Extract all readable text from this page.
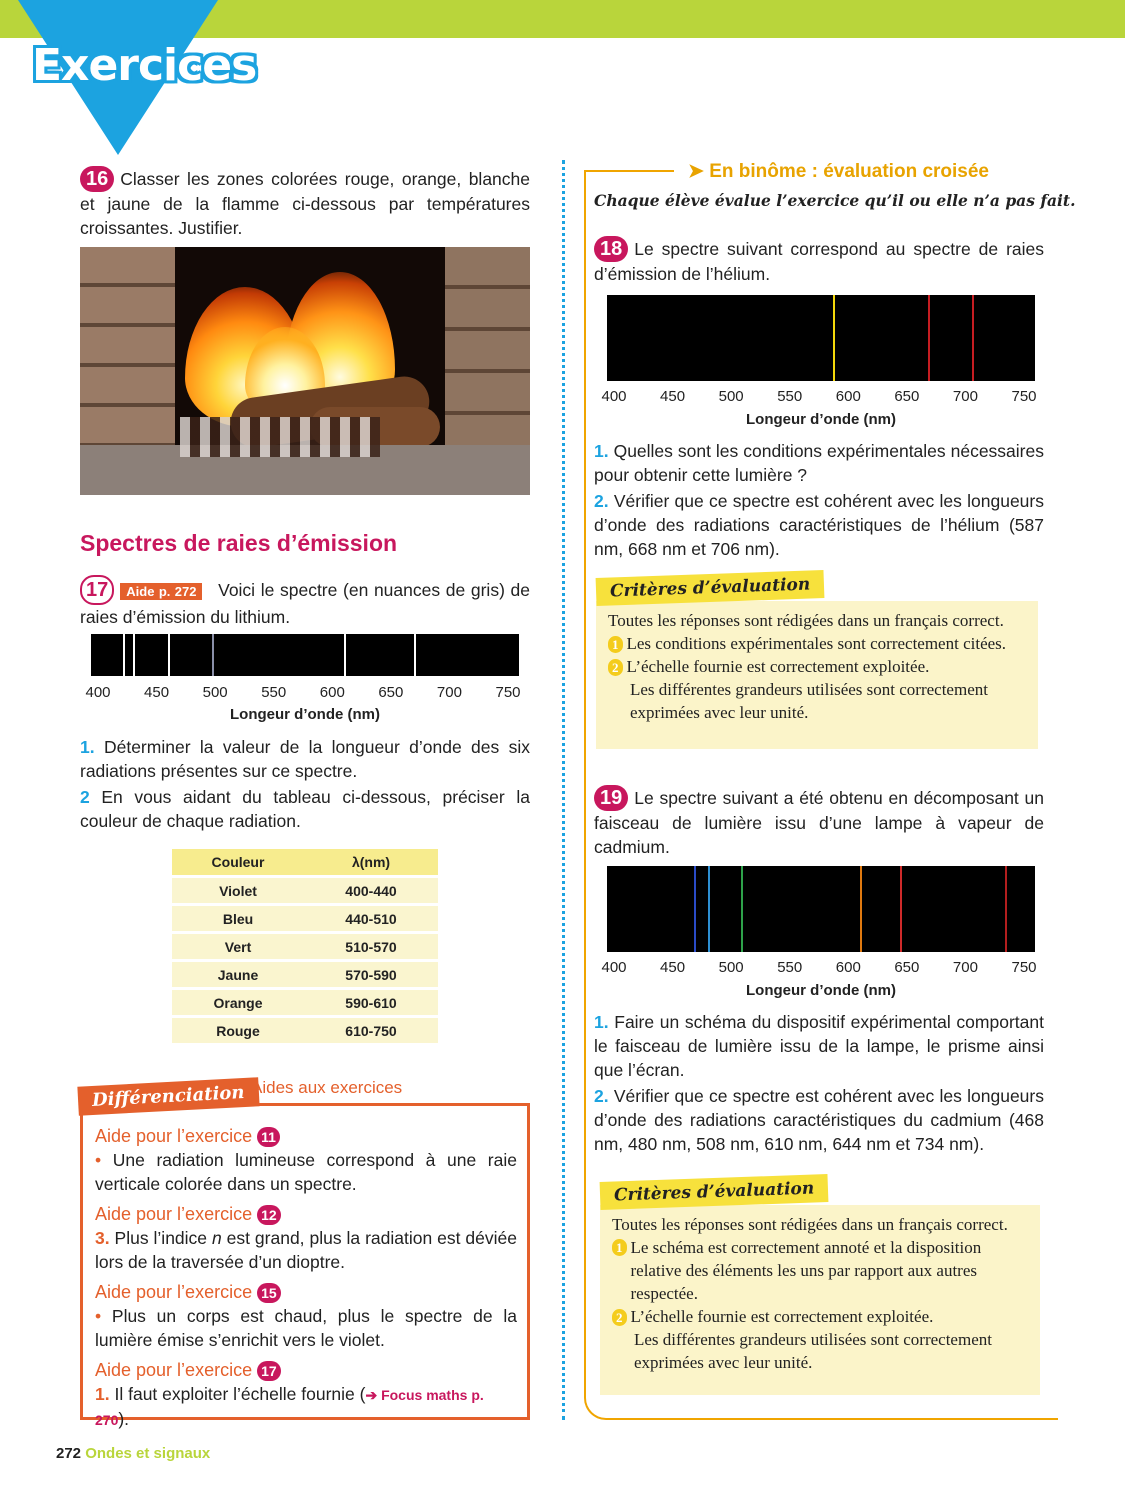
Exercices
16 Classer les zones colorées rouge, orange, blanche et jaune de la flamme ci-dessous par températures croissantes. Justifier.
Spectres de raies d’émission
17 Aide p. 272 Voici le spectre (en nuances de gris) de raies d’émission du lithium.
400	450	500	550	600	650	700	750
Longeur d’onde (nm)
1. Déterminer la valeur de la longueur d’onde des six radiations présentes sur ce spectre.
2 En vous aidant du tableau ci-dessous, préciser la couleur de chaque radiation.
Couleur	λ(nm)
Violet	400-440
Bleu	440-510
Vert	510-570
Jaune	570-590
Orange	590-610
Rouge	610-750
Aide pour l’exercice 11
• Une radiation lumineuse correspond à une raie verticale colorée dans un spectre.
Aide pour l’exercice 12
3. Plus l’indice n est grand, plus la radiation est déviée lors de la traversée d’un dioptre.
Aide pour l’exercice 15
• Plus un corps est chaud, plus le spectre de la lumière émise s’enrichit vers le violet.
Aide pour l’exercice 17
1. Il faut exploiter l’échelle fournie (➔ Focus maths p. 270).
Différenciation Aides aux exercices
➤ En binôme : évaluation croisée
Chaque élève évalue l’exercice qu’il ou elle n’a pas fait.
18 Le spectre suivant correspond au spectre de raies d’émission de l’hélium.
400	450	500	550	600	650	700	750
Longeur d’onde (nm)
1. Quelles sont les conditions expérimentales nécessaires pour obtenir cette lumière ?
2. Vérifier que ce spectre est cohérent avec les longueurs d’onde des radiations caractéristiques de l’hélium (587 nm, 668 nm et 706 nm).
Toutes les réponses sont rédigées dans un français correct.
1 Les conditions expérimentales sont correctement citées.
2 L’échelle fournie est correctement exploitée.
Les différentes grandeurs utilisées sont correctement exprimées avec leur unité.
Critères d’évaluation
19 Le spectre suivant a été obtenu en décomposant un faisceau de lumière issu d’une lampe à vapeur de cadmium.
400	450	500	550	600	650	700	750
Longeur d’onde (nm)
1. Faire un schéma du dispositif expérimental comportant le faisceau de lumière issu de la lampe, le prisme ainsi que l’écran.
2. Vérifier que ce spectre est cohérent avec les longueurs d’onde des radiations caractéristiques du cadmium (468 nm, 480 nm, 508 nm, 610 nm, 644 nm et 734 nm).
Toutes les réponses sont rédigées dans un français correct.
1 Le schéma est correctement annoté et la disposition relative des éléments les uns par rapport aux autres respectée.
2 L’échelle fournie est correctement exploitée.
Les différentes grandeurs utilisées sont correctement exprimées avec leur unité.
Critères d’évaluation
272 Ondes et signaux
